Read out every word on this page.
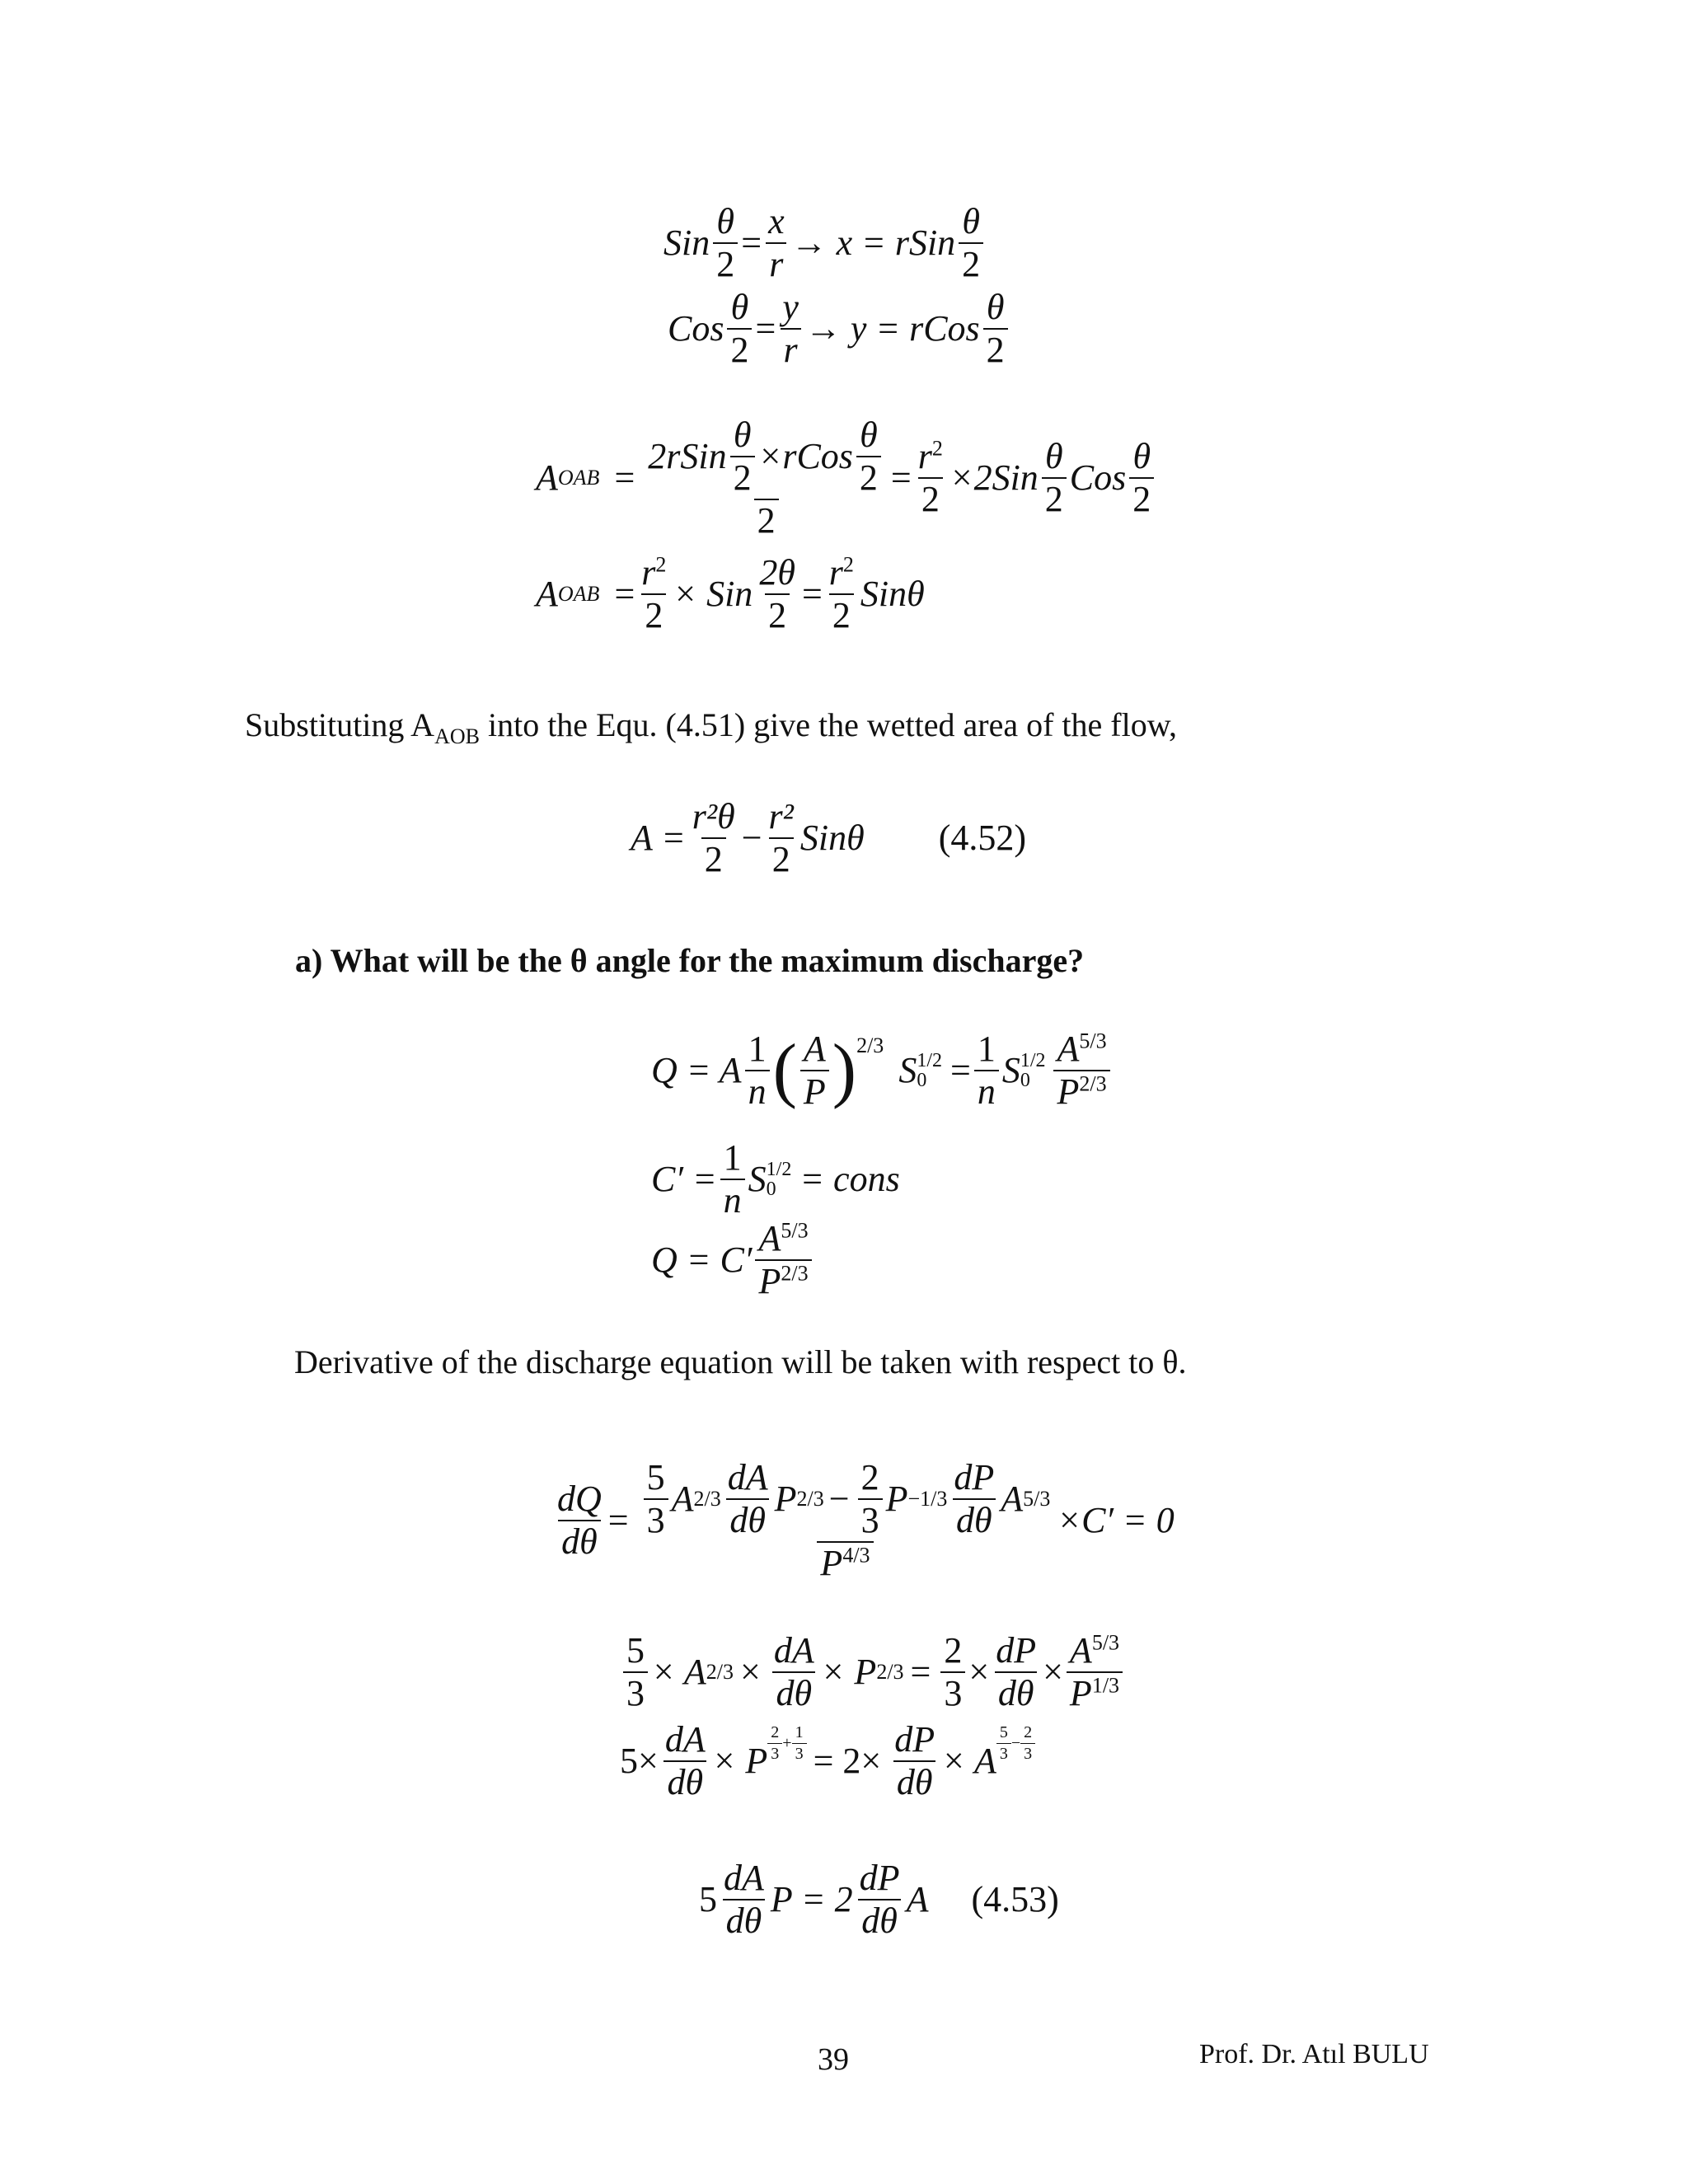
Sin $\frac{\theta}{2} = \frac{x}{r}$ →
x = rSin $\frac{\theta}{2}$
Cos $\frac{\theta}{2} = \frac{y}{r}$ →
y = rCos $\frac{\theta}{2}$
A OAB = $\frac{2rSin \frac{\theta}{2} \times rCos \frac{\theta}{2}}{2} = \frac{r^2}{2} \times 2Sin \frac{\theta}{2}$ Cos $\frac{\theta}{2}$
A OAB = $\frac{r^2}{2}$ × Sin $\frac{2\theta}{2} = \frac{r^2}{2}$ Sinθ
Substituting $A_{AOB}$ into the Equ. (4.51) give the wetted area of the flow,
$A = \frac{\text{r²θ}}{2} - \frac{\text{r²}}{2}$ Sinθ (4.52)
a) What will be the θ angle for the maximum discharge?
Q = A $\frac{1}{n}$ ( $\frac{A}{P} )^{2/3}$
S 1/2
$0 = \frac{1}{n}$ S 1/2
$0 \frac{A^{5/3}}{P^{2/3}}$
$C' = \frac{1}{n}$ S 1/2
0 = cons
$Q = C' \frac{A^{5/3}}{P^{2/3}}$
Derivative of the discharge equation will be taken with respect to θ.
$\frac{dQ}{d\theta} = \frac{5}{3}$ A $2/3 \frac{dA}{d\theta}$ P $2/3 - \frac{2}{3}$ $P -1/3 \frac{dP}{d\theta}$ A 5/3
$P^{4/3}$
×C′ = 0
$\frac{5}{3} \times A$ $2/3 \times \frac{dA}{d\theta} \times P$ $2/3 = \frac{2}{3} \times \frac{dP}{d\theta} \times \frac{A^{5/3}}{P^{1/3}}$
$5\times \frac{dA}{d\theta} \times P \frac{2}{3} + \frac{1}{3} = 2\times \frac{dP}{d\theta} \times A \frac{5}{3} - \frac{2}{3}$
$5 \frac{dA}{d\theta}$ $P = 2 \frac{dP}{d\theta}$ A (4.53)
39	Prof. Dr. Atıl BULU
